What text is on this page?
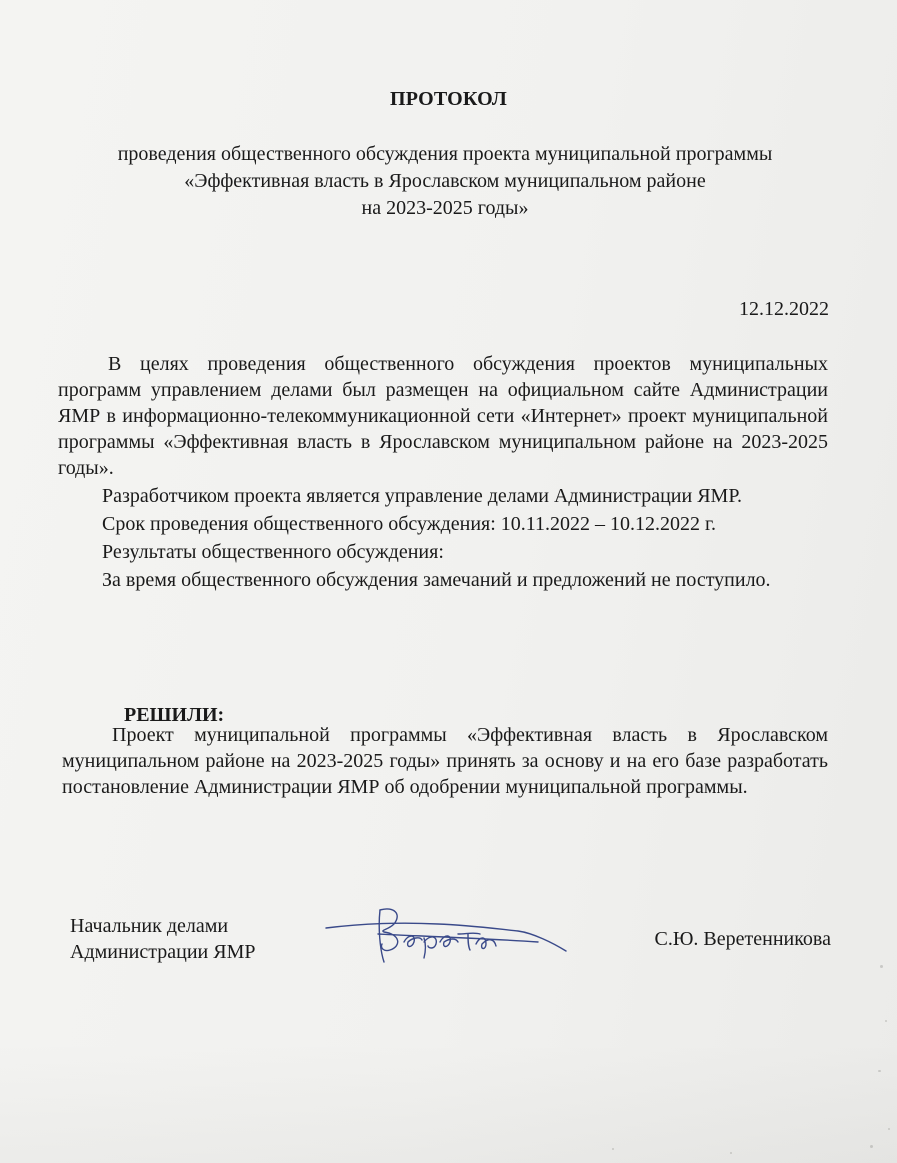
ПРОТОКОЛ
проведения общественного обсуждения проекта муниципальной программы
«Эффективная власть в Ярославском муниципальном районе
на 2023-2025 годы»
12.12.2022

В целях проведения общественного обсуждения проектов муниципальных программ управлением делами был размещен на официальном сайте Администрации ЯМР в информационно-телекоммуникационной сети «Интернет» проект муниципальной программы «Эффективная власть в Ярославском муниципальном районе на 2023-2025 годы».

Разработчиком проекта является управление делами Администрации ЯМР.

Срок проведения общественного обсуждения: 10.11.2022 – 10.12.2022 г.

Результаты общественного обсуждения:

За время общественного обсуждения замечаний и предложений не поступило.

РЕШИЛИ:
Проект муниципальной программы «Эффективная власть в Ярославском муниципальном районе на 2023-2025 годы» принять за основу и на его базе разработать постановление Администрации ЯМР об одобрении муниципальной программы.
Начальник делами
Администрации ЯМР
С.Ю. Веретенникова
